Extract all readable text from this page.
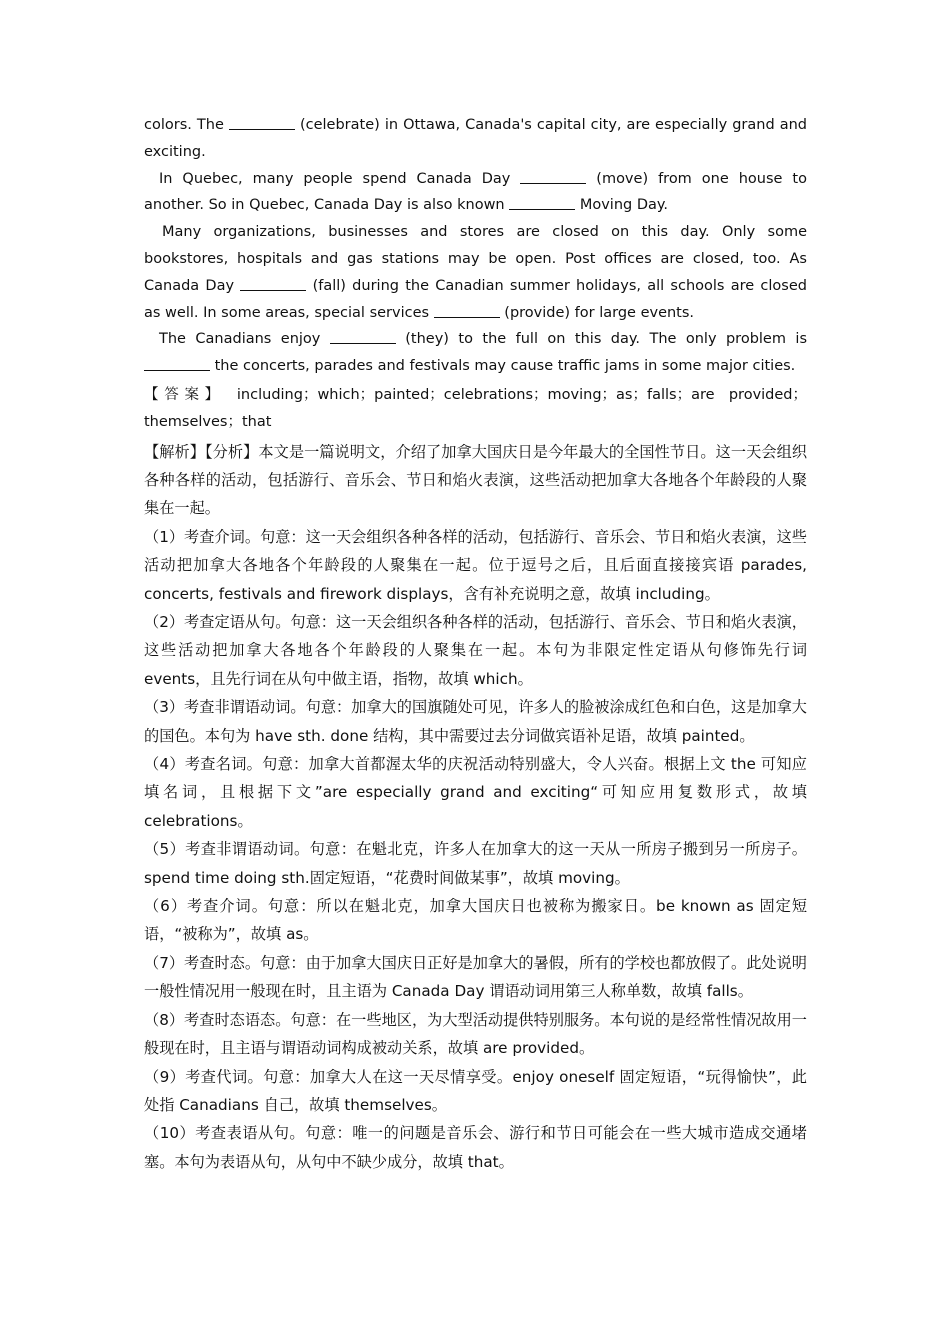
colors. The	(celebrate) in Ottawa, Canada's capital city, are especially grand and exciting.

In Quebec, many people spend Canada Day	(move) from one house to another. So in Quebec, Canada Day is also known	Moving Day.

Many organizations, businesses and stores are closed on this day. Only some bookstores, hospitals and gas stations may be open. Post offices are closed, too. As Canada Day	(fall) during the Canadian summer holidays, all schools are closed as well. In some areas, special services	(provide) for large events.

The Canadians enjoy	(they) to the full on this day. The only problem is  the concerts, parades and festivals may cause traffic jams in some major cities.

【答案】 including；which；painted；celebrations；moving；as；falls；are provided；themselves；that

【解析】【分析】本文是一篇说明文，介绍了加拿大国庆日是今年最大的全国性节日。这一天会组织各种各样的活动，包括游行、音乐会、节日和焰火表演，这些活动把加拿大各地各个年龄段的人聚集在一起。

（1）考查介词。句意：这一天会组织各种各样的活动，包括游行、音乐会、节日和焰火表演，这些活动把加拿大各地各个年龄段的人聚集在一起。位于逗号之后，且后面直接接宾语 parades, concerts, festivals and firework displays，含有补充说明之意，故填 including。

（2）考查定语从句。句意：这一天会组织各种各样的活动，包括游行、音乐会、节日和焰火表演，这些活动把加拿大各地各个年龄段的人聚集在一起。本句为非限定性定语从句修饰先行词 events，且先行词在从句中做主语，指物，故填 which。

（3）考查非谓语动词。句意：加拿大的国旗随处可见，许多人的脸被涂成红色和白色，这是加拿大的国色。本句为 have sth. done 结构，其中需要过去分词做宾语补足语，故填 painted。

（4）考查名词。句意：加拿大首都渥太华的庆祝活动特别盛大，令人兴奋。根据上文 the 可知应填名词，且根据下文”are especially grand and exciting“可知应用复数形式，故填 celebrations。

（5）考查非谓语动词。句意：在魁北克，许多人在加拿大的这一天从一所房子搬到另一所房子。spend time doing sth.固定短语，“花费时间做某事”，故填 moving。

（6）考查介词。句意：所以在魁北克，加拿大国庆日也被称为搬家日。be known as 固定短语，“被称为”，故填 as。

（7）考查时态。句意：由于加拿大国庆日正好是加拿大的暑假，所有的学校也都放假了。此处说明一般性情况用一般现在时，且主语为 Canada Day 谓语动词用第三人称单数，故填 falls。

（8）考查时态语态。句意：在一些地区，为大型活动提供特别服务。本句说的是经常性情况故用一般现在时，且主语与谓语动词构成被动关系，故填 are provided。

（9）考查代词。句意：加拿大人在这一天尽情享受。enjoy oneself 固定短语，“玩得愉快”，此处指 Canadians 自己，故填 themselves。

（10）考查表语从句。句意：唯一的问题是音乐会、游行和节日可能会在一些大城市造成交通堵塞。本句为表语从句，从句中不缺少成分，故填 that。
